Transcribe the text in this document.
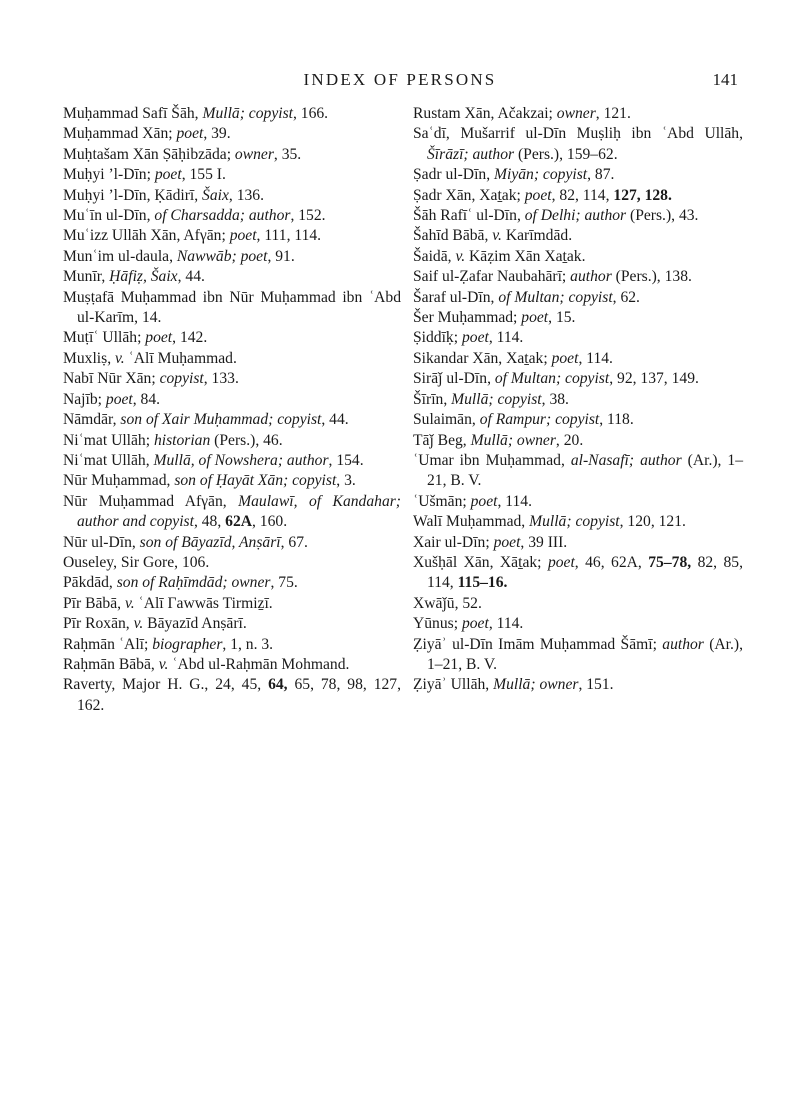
INDEX OF PERSONS	141
Muḥammad Safī Šāh, Mullā; copyist, 166.
Muḥammad Xān; poet, 39.
Muḥtašam Xān Ṣāḥibzāda; owner, 35.
Muḥyi ’l-Dīn; poet, 155 I.
Muḥyi ’l-Dīn, Ḳādirī, Šaix, 136.
Muʿīn ul-Dīn, of Charsadda; author, 152.
Muʿizz Ullāh Xān, Afγān; poet, 111, 114.
Munʿim ul-daula, Nawwāb; poet, 91.
Munīr, Ḥāfiẓ, Šaix, 44.
Muṣṭafā Muḥammad ibn Nūr Muḥammad ibn ʿAbd ul-Karīm, 14.
Muṭīʿ Ullāh; poet, 142.
Muxliṣ, v. ʿAlī Muḥammad.
Nabī Nūr Xān; copyist, 133.
Najīb; poet, 84.
Nāmdār, son of Xair Muḥammad; copyist, 44.
Niʿmat Ullāh; historian (Pers.), 46.
Niʿmat Ullāh, Mullā, of Nowshera; author, 154.
Nūr Muḥammad, son of Ḥayāt Xān; copyist, 3.
Nūr Muḥammad Afγān, Maulawī, of Kandahar; author and copyist, 48, 62A, 160.
Nūr ul-Dīn, son of Bāyazīd, Anṣārī, 67.
Ouseley, Sir Gore, 106.
Pākdād, son of Raḥīmdād; owner, 75.
Pīr Bābā, v. ʿAlī Γawwās Tirmiẕī.
Pīr Roxān, v. Bāyazīd Anṣārī.
Raḥmān ʿAlī; biographer, 1, n. 3.
Raḥmān Bābā, v. ʿAbd ul-Raḥmān Mohmand.
Raverty, Major H. G., 24, 45, 64, 65, 78, 98, 127, 162.
Rustam Xān, Ačakzai; owner, 121.
Saʿdī, Mušarrif ul-Dīn Muṣliḥ ibn ʿAbd Ullāh, Šīrāzī; author (Pers.), 159–62.
Ṣadr ul-Dīn, Miyān; copyist, 87.
Ṣadr Xān, Xaṯak; poet, 82, 114, 127, 128.
Šāh Rafīʿ ul-Dīn, of Delhi; author (Pers.), 43.
Šahīd Bābā, v. Karīmdād.
Šaidā, v. Kāẓim Xān Xaṯak.
Saif ul-Ẓafar Naubahārī; author (Pers.), 138.
Šaraf ul-Dīn, of Multan; copyist, 62.
Šer Muḥammad; poet, 15.
Ṣiddīḳ; poet, 114.
Sikandar Xān, Xaṯak; poet, 114.
Sirāǰ ul-Dīn, of Multan; copyist, 92, 137, 149.
Šīrīn, Mullā; copyist, 38.
Sulaimān, of Rampur; copyist, 118.
Tāǰ Beg, Mullā; owner, 20.
ʿUmar ibn Muḥammad, al-Nasafī; author (Ar.), 1–21, B. V.
ʿUšmān; poet, 114.
Walī Muḥammad, Mullā; copyist, 120, 121.
Xair ul-Dīn; poet, 39 III.
Xušḥāl Xān, Xāṯak; poet, 46, 62A, 75–78, 82, 85, 114, 115–16.
Xwāǰū, 52.
Yūnus; poet, 114.
Ẓiyāʾ ul-Dīn Imām Muḥammad Šāmī; author (Ar.), 1–21, B. V.
Ẓiyāʾ Ullāh, Mullā; owner, 151.
